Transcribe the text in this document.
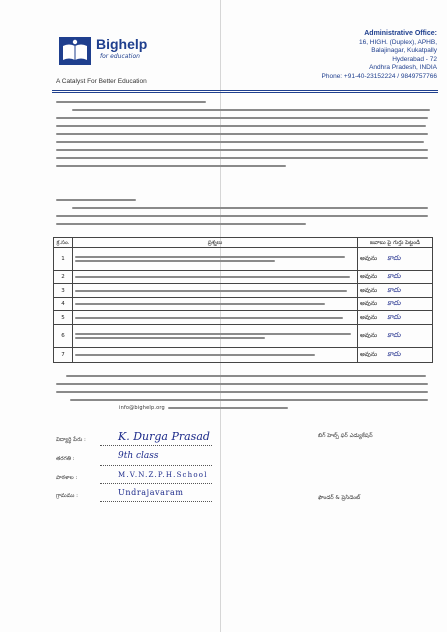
Bighelp
for education
A Catalyst For Better Education
Administrative Office:
16, HIGH. (Duplex), APHB,
Balajinagar, Kukatpally
Hyderabad - 72
Andhra Pradesh, INDIA
Phone: +91-40-23152224 / 9849757766
క్ర.సం.	ప్రశ్నలు	జవాబు పై గుర్తు పెట్టండి
1		అవును కాదు
2		అవును కాదు
3		అవును కాదు
4		అవును కాదు
5		అవును కాదు
6		అవును కాదు
7		అవును కాదు
info@bighelp.org
విద్యార్థి పేరు :	K. Durga Prasad
తరగతి :	9th class
పాఠశాల :	M.V.N.Z.P.H.School
గ్రామము :	Undrajavaram
బిగ్ హెల్ప్ ఫర్ ఎడ్యుకేషన్
ఫౌండర్ & ప్రెసిడెంట్
